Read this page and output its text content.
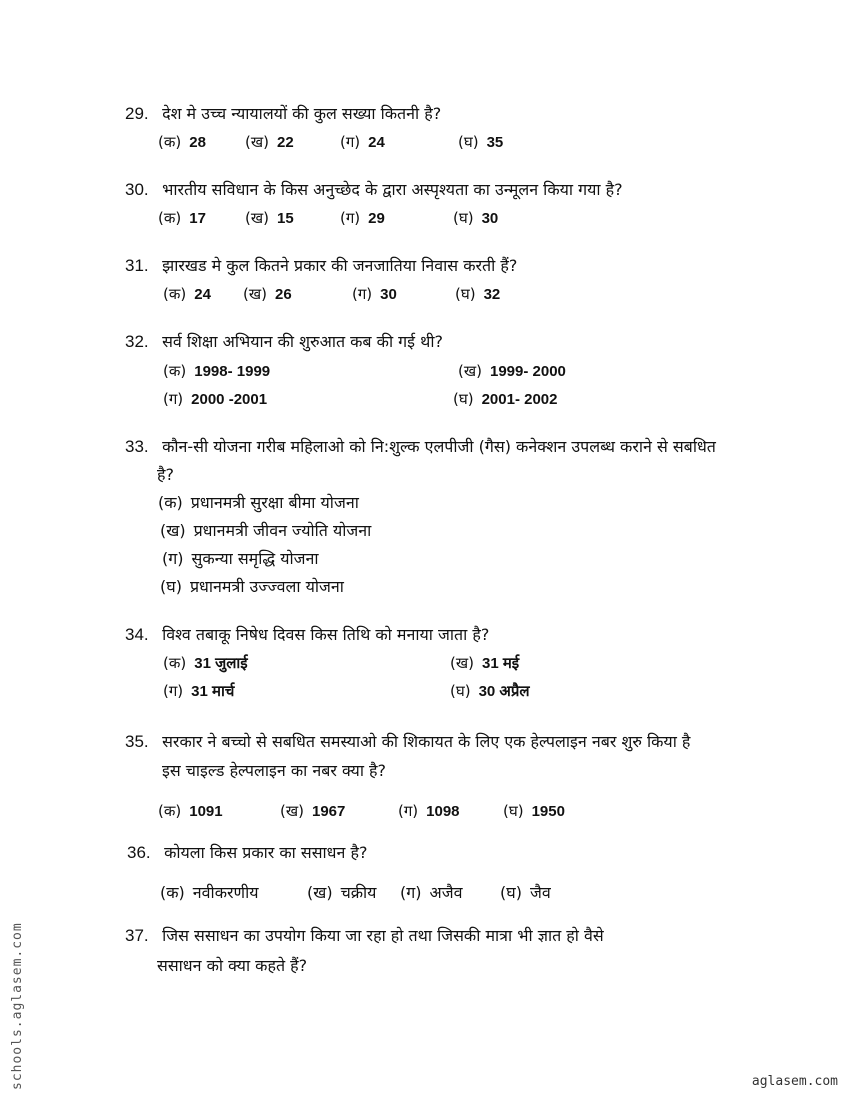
29. देश मे उच्च न्यायालयों की कुल सख्या कितनी है?
(क) 28	(ख) 22	(ग) 24	(घ) 35
30. भारतीय सविधान के किस अनुच्छेद के द्वारा अस्पृश्यता का उन्मूलन किया गया है?
(क) 17	(ख) 15	(ग) 29	(घ) 30
31. झारखड मे कुल कितने प्रकार की जनजातिया निवास करती हैं?
(क) 24 (ख) 26	(ग) 30	(घ) 32
32. सर्व शिक्षा अभियान की शुरुआत कब की गई थी?
(क) 1998- 1999	(ख) 1999- 2000
(ग) 2000 -2001	(घ) 2001- 2002
33. कौन-सी योजना गरीब महिलाओ को नि:शुल्क एलपीजी (गैस) कनेक्शन उपलब्ध कराने से सबधित
है?
(क) प्रधानमत्री सुरक्षा बीमा योजना
(ख) प्रधानमत्री जीवन ज्योति योजना
(ग) सुकन्या समृद्धि योजना
(घ) प्रधानमत्री उज्ज्वला योजना
34. विश्व तबाकू निषेध दिवस किस तिथि को मनाया जाता है?
(क) 31 जुलाई	(ख) 31 मई
(ग) 31 मार्च	(घ) 30 अप्रैल
35. सरकार ने बच्चो से सबधित समस्याओ की शिकायत के लिए एक हेल्पलाइन नबर शुरु किया है
इस चाइल्ड हेल्पलाइन का नबर क्या है?
(क) 1091	(ख) 1967	(ग) 1098	(घ) 1950
36. कोयला किस प्रकार का ससाधन है?
(क) नवीकरणीय	(ख) चक्रीय (ग) अजैव (घ) जैव
37. जिस ससाधन का उपयोग किया जा रहा हो तथा जिसकी मात्रा भी ज्ञात हो वैसे
ससाधन को क्या कहते हैं?
schools.aglasem.com	aglasem.com
